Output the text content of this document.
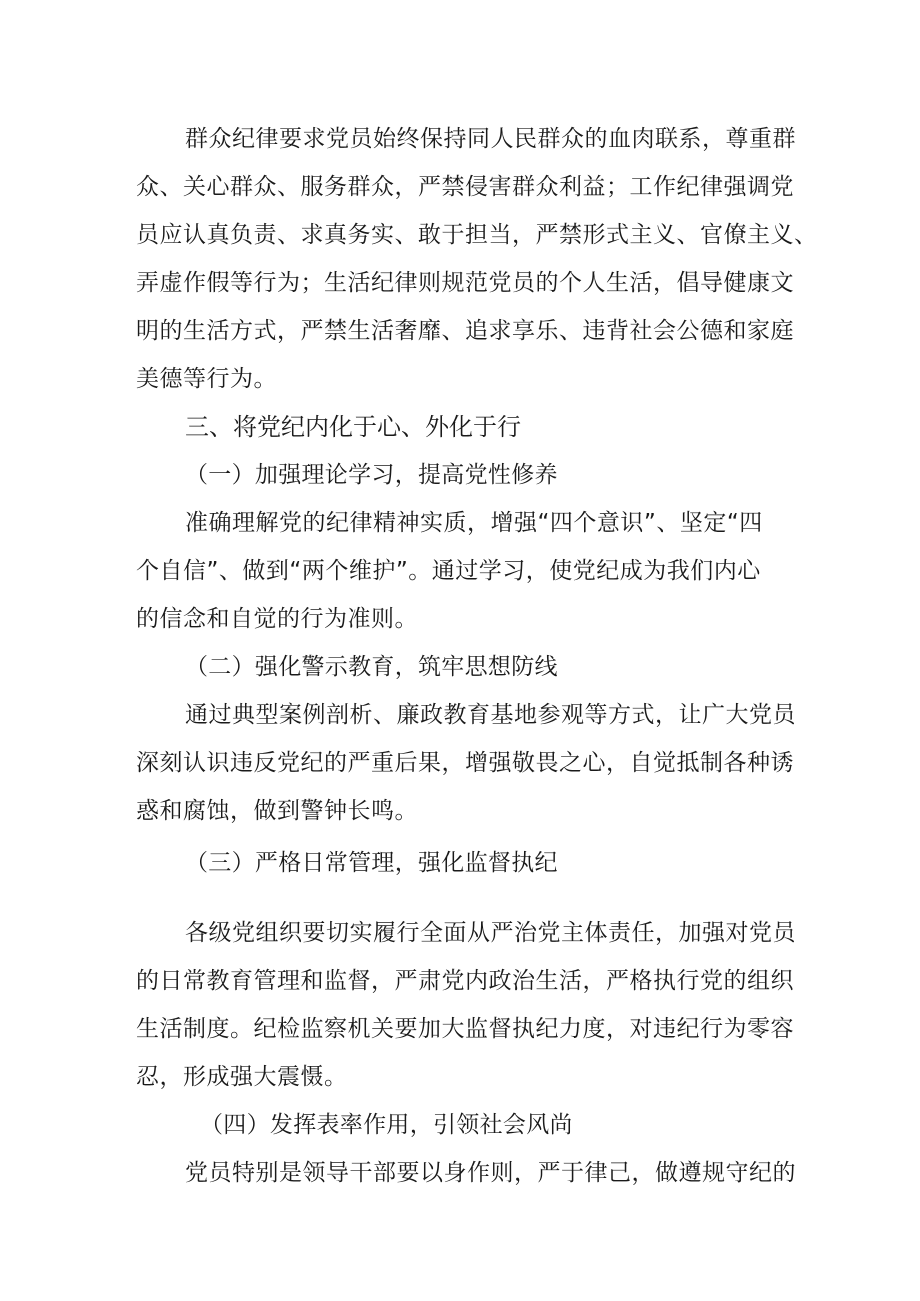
群众纪律要求党员始终保持同人民群众的血肉联系，尊重群
众、关心群众、服务群众，严禁侵害群众利益；工作纪律强调党
员应认真负责、求真务实、敢于担当，严禁形式主义、官僚主义、
弄虚作假等行为；生活纪律则规范党员的个人生活，倡导健康文
明的生活方式，严禁生活奢靡、追求享乐、违背社会公德和家庭
美德等行为。
三、将党纪内化于心、外化于行
（一）加强理论学习，提高党性修养
准确理解党的纪律精神实质，增强“四个意识”、坚定“四
个自信”、做到“两个维护”。通过学习，使党纪成为我们内心
的信念和自觉的行为准则。
（二）强化警示教育，筑牢思想防线
通过典型案例剖析、廉政教育基地参观等方式，让广大党员
深刻认识违反党纪的严重后果，增强敬畏之心，自觉抵制各种诱
惑和腐蚀，做到警钟长鸣。
（三）严格日常管理，强化监督执纪
各级党组织要切实履行全面从严治党主体责任，加强对党员
的日常教育管理和监督，严肃党内政治生活，严格执行党的组织
生活制度。纪检监察机关要加大监督执纪力度，对违纪行为零容
忍，形成强大震慑。
（四）发挥表率作用，引领社会风尚
党员特别是领导干部要以身作则，严于律己，做遵规守纪的
